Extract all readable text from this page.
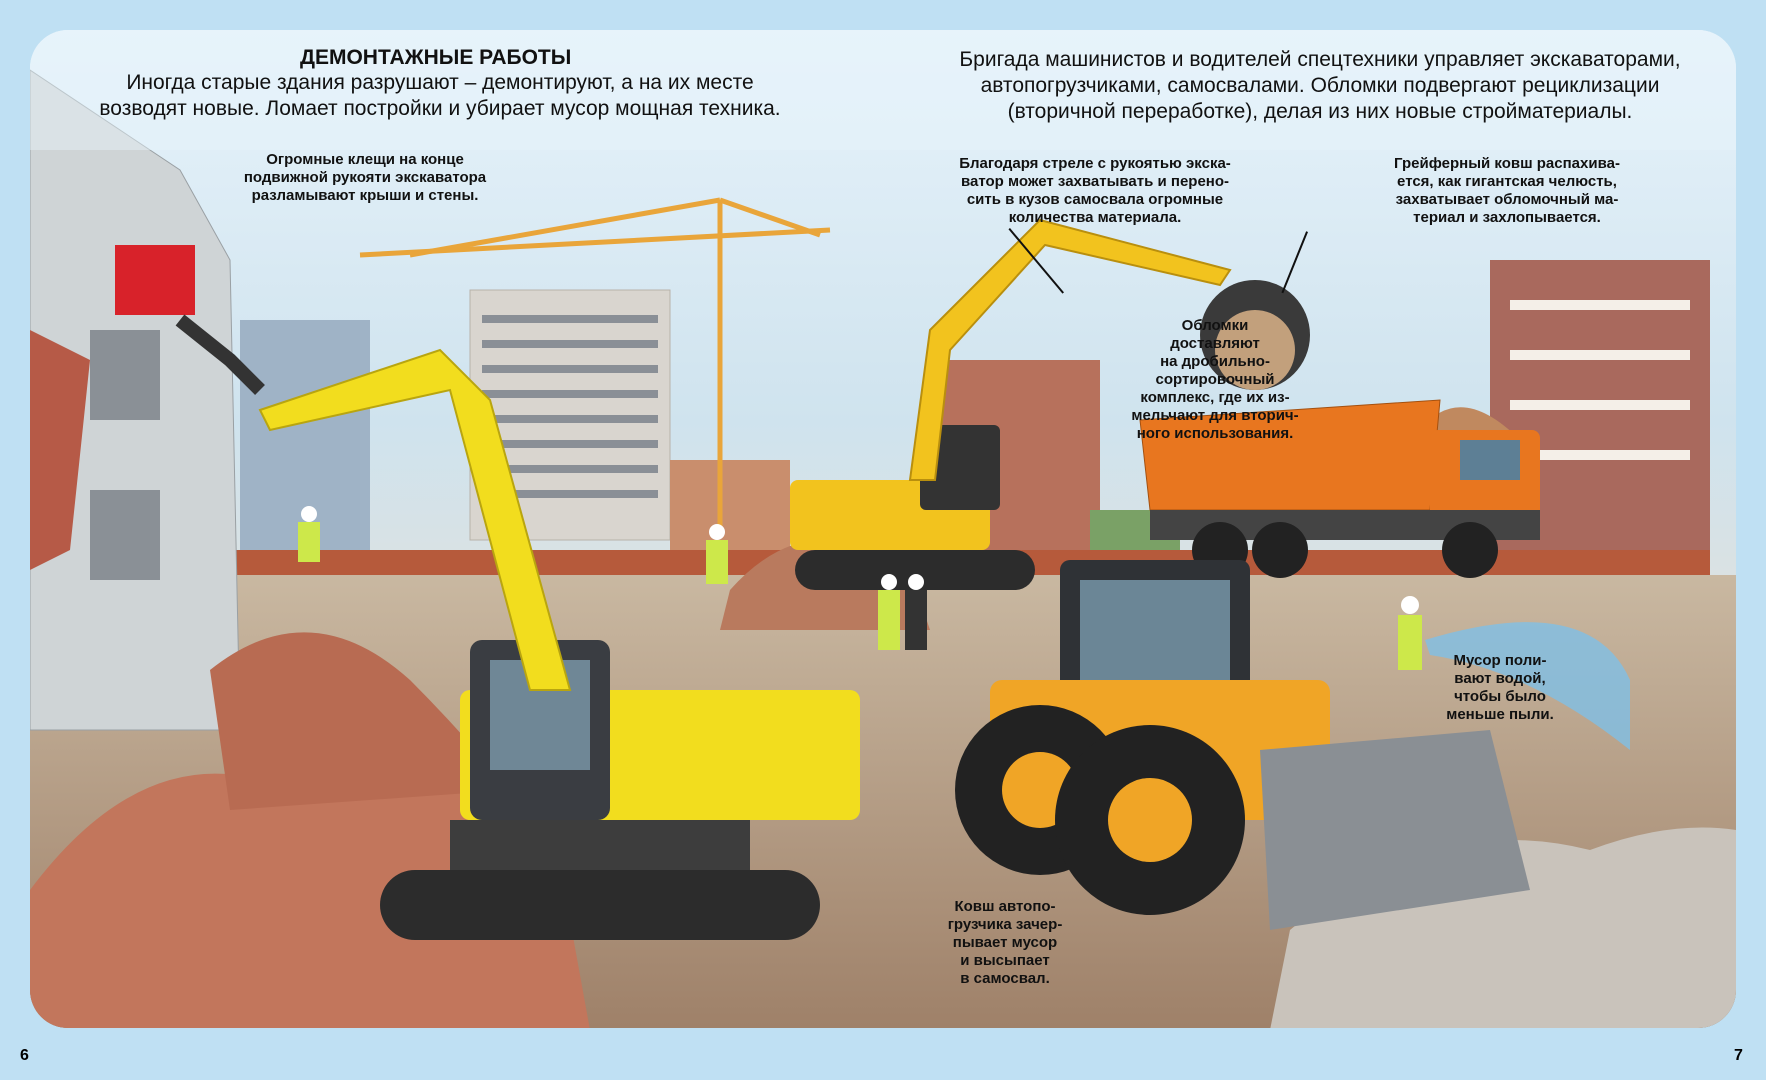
ДЕМОНТАЖНЫЕ РАБОТЫ
Иногда старые здания разрушают – демонтируют, а на их месте
возводят новые. Ломает постройки и убирает мусор мощная техника.
Бригада машинистов и водителей спецтехники управляет экскаваторами,
автопогрузчиками, самосвалами. Обломки подвергают рециклизации
(вторичной переработке), делая из них новые стройматериалы.
Огромные клещи на конце
подвижной рукояти экскаватора
разламывают крыши и стены.
Благодаря стреле с рукоятью экска-
ватор может захватывать и перено-
сить в кузов самосвала огромные
количества материала.
Грейферный ковш распахива-
ется, как гигантская челюсть,
захватывает обломочный ма-
териал и захлопывается.
Обломки
доставляют
на дробильно-
сортировочный
комплекс, где их из-
мельчают для вторич-
ного использования.
Мусор поли-
вают водой,
чтобы было
меньше пыли.
Ковш автопо-
грузчика зачер-
пывает мусор
и высыпает
в самосвал.
6	7
